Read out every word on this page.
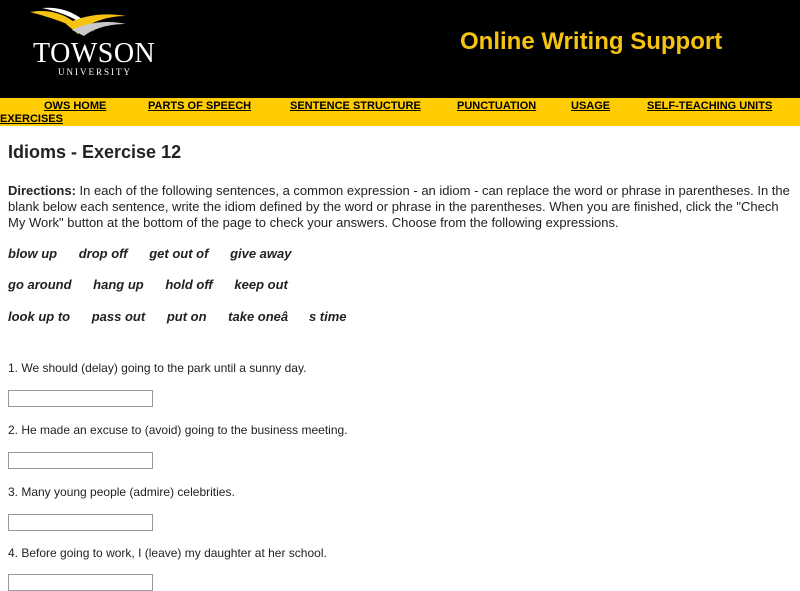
TOWSON
UNIVERSITY
Online Writing Support
OWS HOME	PARTS OF SPEECH	SENTENCE STRUCTURE	PUNCTUATION	USAGE	SELF-TEACHING UNITS
EXERCISES
Idioms - Exercise 12
Directions: In each of the following sentences, a common expression - an idiom - can replace the word or phrase in parentheses. In the blank below each sentence, write the idiom defined by the word or phrase in the parentheses. When you are finished, click the "Chech My Work" button at the bottom of the page to check your answers. Choose from the following expressions.
blow up drop off get out of give away
go around hang up hold off keep out
look up to pass out put on take oneâs time
1. We should (delay) going to the park until a sunny day.
2. He made an excuse to (avoid) going to the business meeting.
3. Many young people (admire) celebrities.
4. Before going to work, I (leave) my daughter at her school.
